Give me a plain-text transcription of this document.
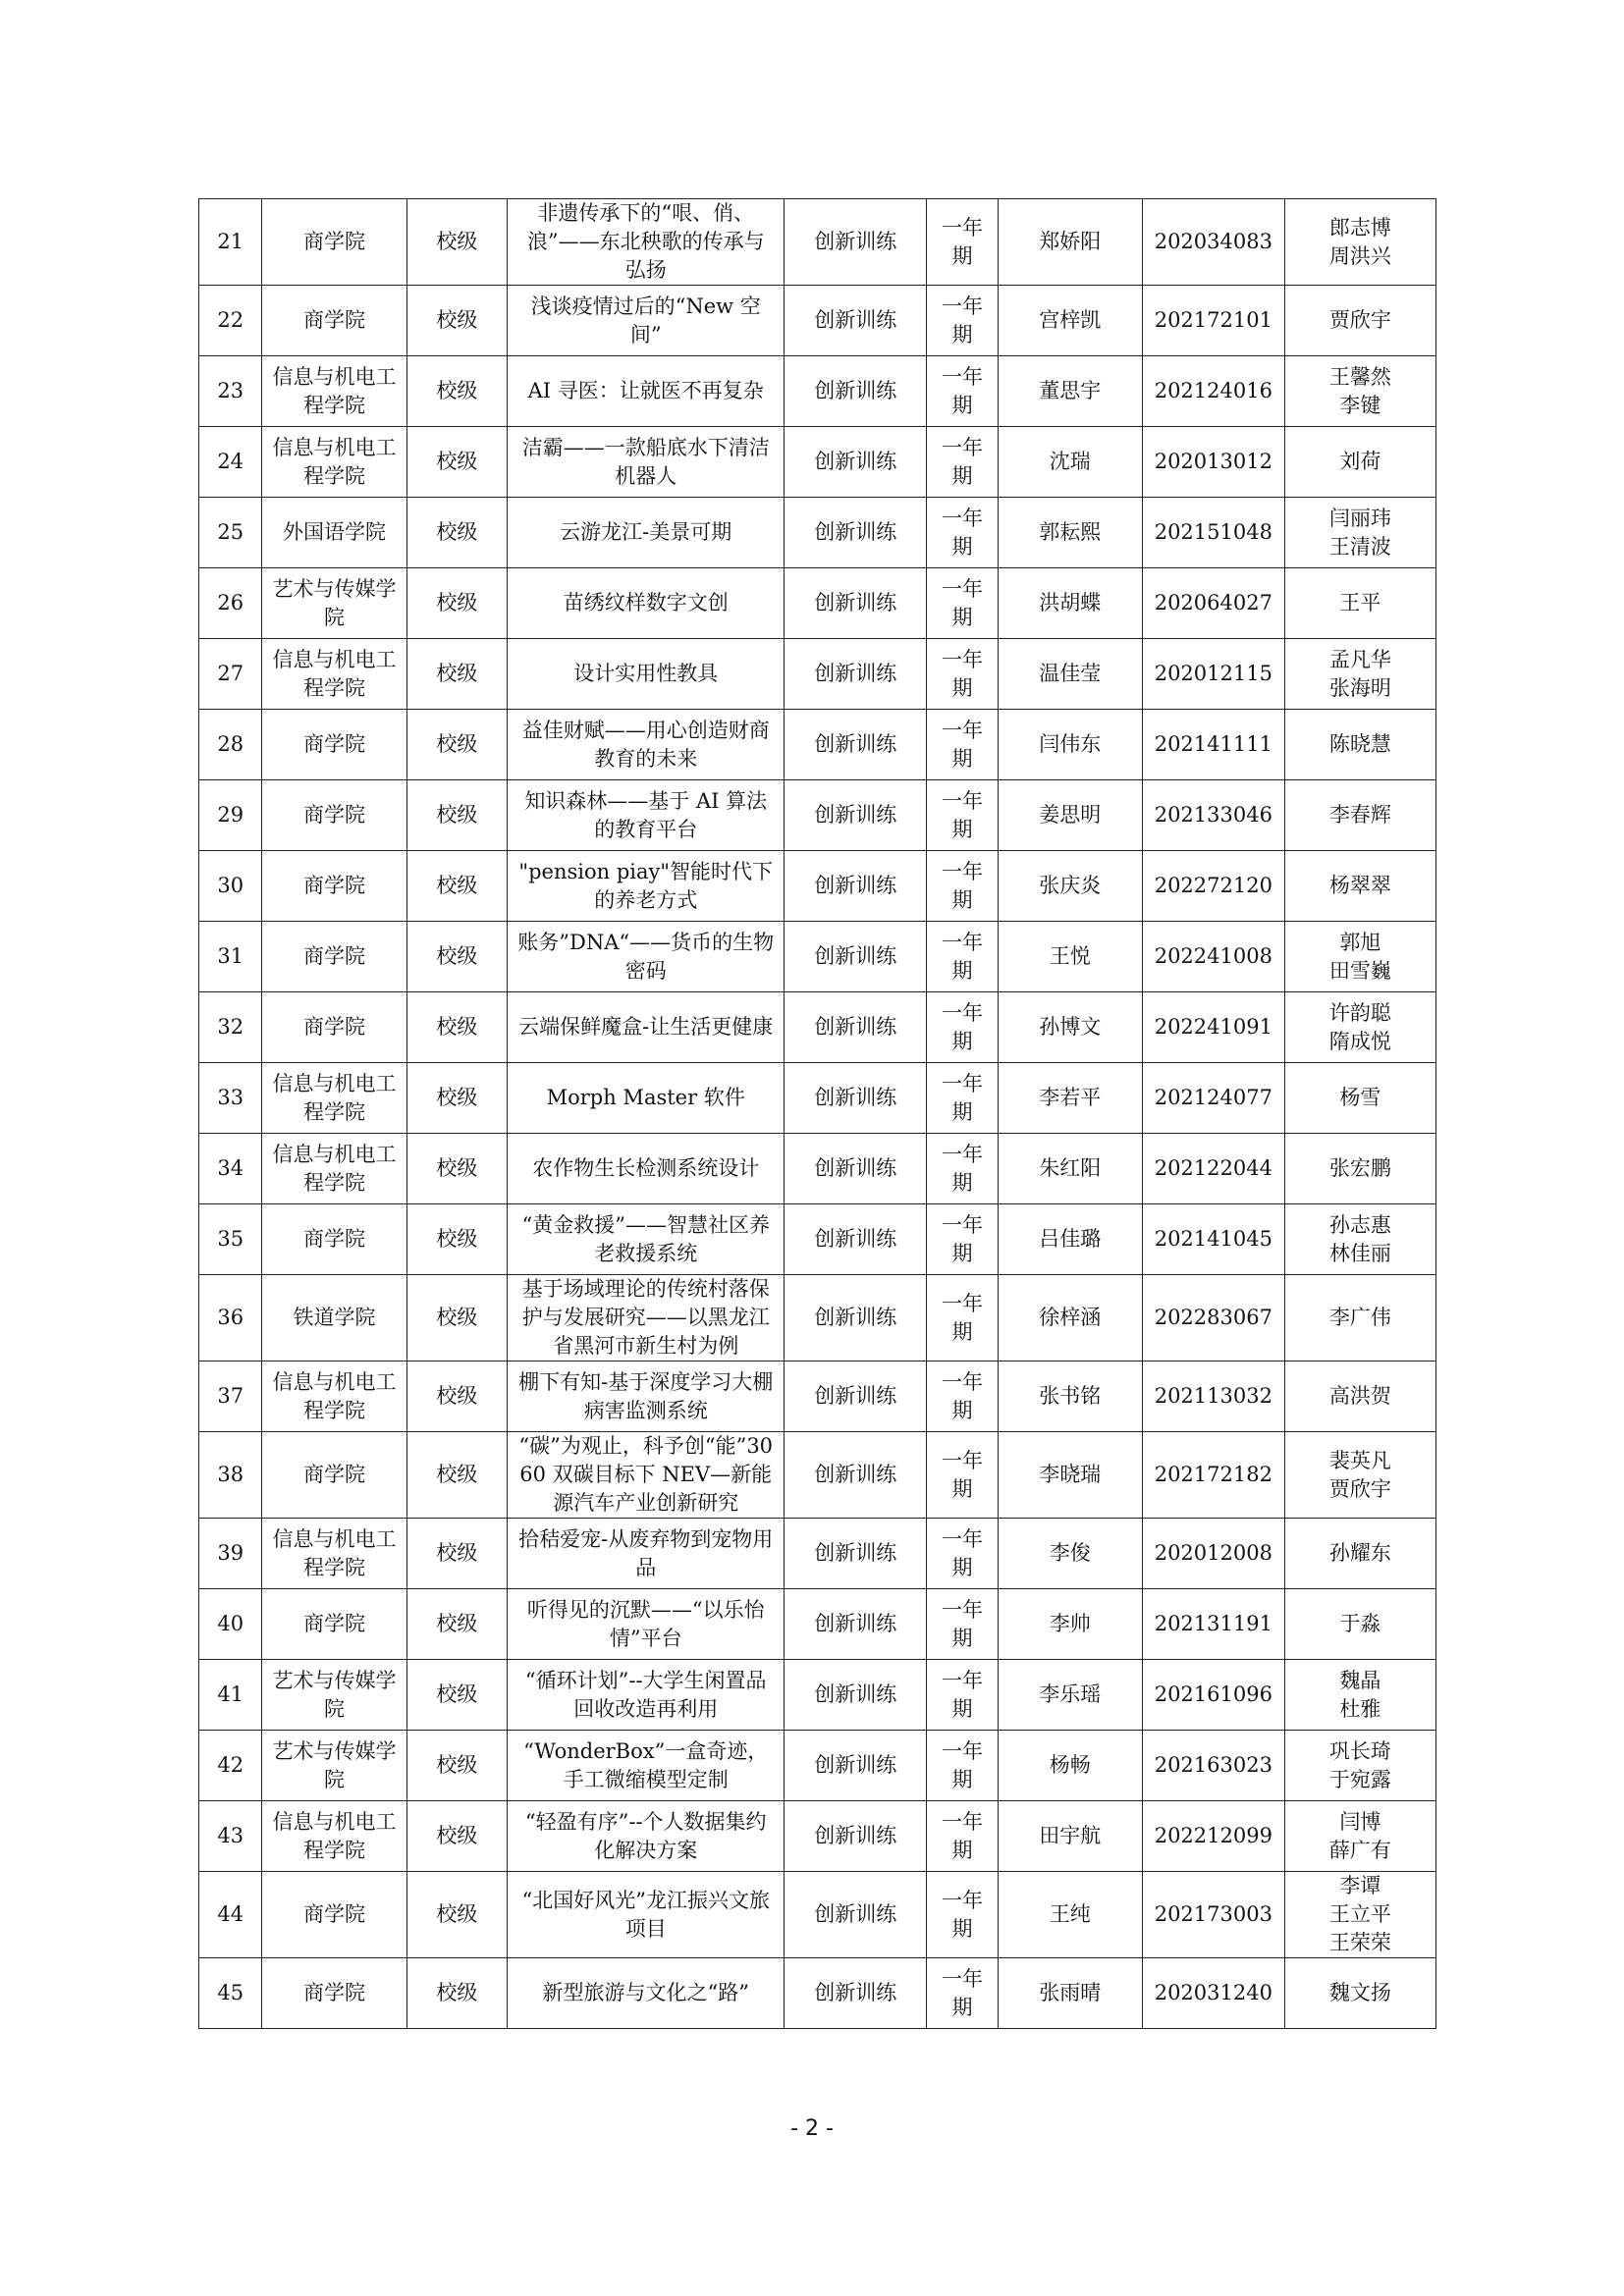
21	商学院	校级	非遗传承下的“哏、俏、浪”——东北秧歌的传承与弘扬	创新训练	一年期	郑娇阳	202034083	郎志博
周洪兴
22	商学院	校级	浅谈疫情过后的“New 空间”	创新训练	一年期	宫梓凯	202172101	贾欣宇
23	信息与机电工程学院	校级	AI 寻医：让就医不再复杂	创新训练	一年期	董思宇	202124016	王馨然
李键
24	信息与机电工程学院	校级	洁霸——一款船底水下清洁机器人	创新训练	一年期	沈瑞	202013012	刘荷
25	外国语学院	校级	云游龙江-美景可期	创新训练	一年期	郭耘熙	202151048	闫丽玮
王清波
26	艺术与传媒学院	校级	苗绣纹样数字文创	创新训练	一年期	洪胡蝶	202064027	王平
27	信息与机电工程学院	校级	设计实用性教具	创新训练	一年期	温佳莹	202012115	孟凡华
张海明
28	商学院	校级	益佳财赋——用心创造财商教育的未来	创新训练	一年期	闫伟东	202141111	陈晓慧
29	商学院	校级	知识森林——基于 AI 算法的教育平台	创新训练	一年期	姜思明	202133046	李春辉
30	商学院	校级	"pension piay"智能时代下的养老方式	创新训练	一年期	张庆炎	202272120	杨翠翠
31	商学院	校级	账务”DNA“——货币的生物密码	创新训练	一年期	王悦	202241008	郭旭
田雪巍
32	商学院	校级	云端保鲜魔盒-让生活更健康	创新训练	一年期	孙博文	202241091	许韵聪
隋成悦
33	信息与机电工程学院	校级	Morph Master 软件	创新训练	一年期	李若平	202124077	杨雪
34	信息与机电工程学院	校级	农作物生长检测系统设计	创新训练	一年期	朱红阳	202122044	张宏鹏
35	商学院	校级	“黄金救援”——智慧社区养老救援系统	创新训练	一年期	吕佳璐	202141045	孙志惠
林佳丽
36	铁道学院	校级	基于场域理论的传统村落保护与发展研究——以黑龙江省黑河市新生村为例	创新训练	一年期	徐梓涵	202283067	李广伟
37	信息与机电工程学院	校级	棚下有知-基于深度学习大棚病害监测系统	创新训练	一年期	张书铭	202113032	高洪贺
38	商学院	校级	“碳”为观止，科予创“能”3060 双碳目标下 NEV—新能源汽车产业创新研究	创新训练	一年期	李晓瑞	202172182	裴英凡
贾欣宇
39	信息与机电工程学院	校级	拾秸爱宠-从废弃物到宠物用品	创新训练	一年期	李俊	202012008	孙耀东
40	商学院	校级	听得见的沉默——“以乐怡情”平台	创新训练	一年期	李帅	202131191	于淼
41	艺术与传媒学院	校级	“循环计划”--大学生闲置品回收改造再利用	创新训练	一年期	李乐瑶	202161096	魏晶
杜雅
42	艺术与传媒学院	校级	“WonderBox”一盒奇迹，手工微缩模型定制	创新训练	一年期	杨畅	202163023	巩长琦
于宛露
43	信息与机电工程学院	校级	“轻盈有序”--个人数据集约化解决方案	创新训练	一年期	田宇航	202212099	闫博
薛广有
44	商学院	校级	“北国好风光”龙江振兴文旅项目	创新训练	一年期	王纯	202173003	李谭
王立平
王荣荣
45	商学院	校级	新型旅游与文化之“路”	创新训练	一年期	张雨晴	202031240	魏文扬
- 2 -
